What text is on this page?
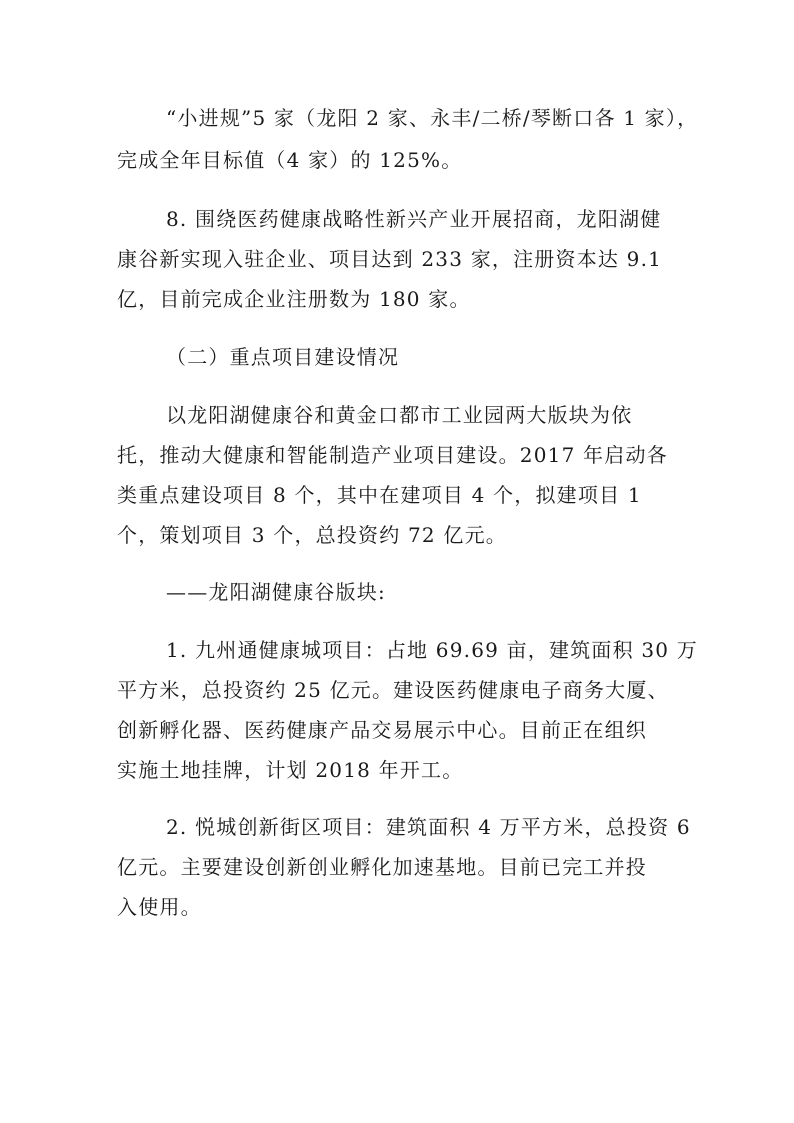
“小进规”5 家（龙阳 2 家、永丰/二桥/琴断口各 1 家），

完成全年目标值（4 家）的 125%。

8. 围绕医药健康战略性新兴产业开展招商，龙阳湖健

康谷新实现入驻企业、项目达到 233 家，注册资本达 9.1

亿，目前完成企业注册数为 180 家。

（二）重点项目建设情况

以龙阳湖健康谷和黄金口都市工业园两大版块为依

托，推动大健康和智能制造产业项目建设。2017 年启动各

类重点建设项目 8 个，其中在建项目 4 个，拟建项目 1

个，策划项目 3 个，总投资约 72 亿元。

——龙阳湖健康谷版块:

1. 九州通健康城项目：占地 69.69 亩，建筑面积 30 万

平方米，总投资约 25 亿元。建设医药健康电子商务大厦、

创新孵化器、医药健康产品交易展示中心。目前正在组织

实施土地挂牌，计划 2018 年开工。

2. 悦城创新街区项目：建筑面积 4 万平方米，总投资 6

亿元。主要建设创新创业孵化加速基地。目前已完工并投

入使用。
